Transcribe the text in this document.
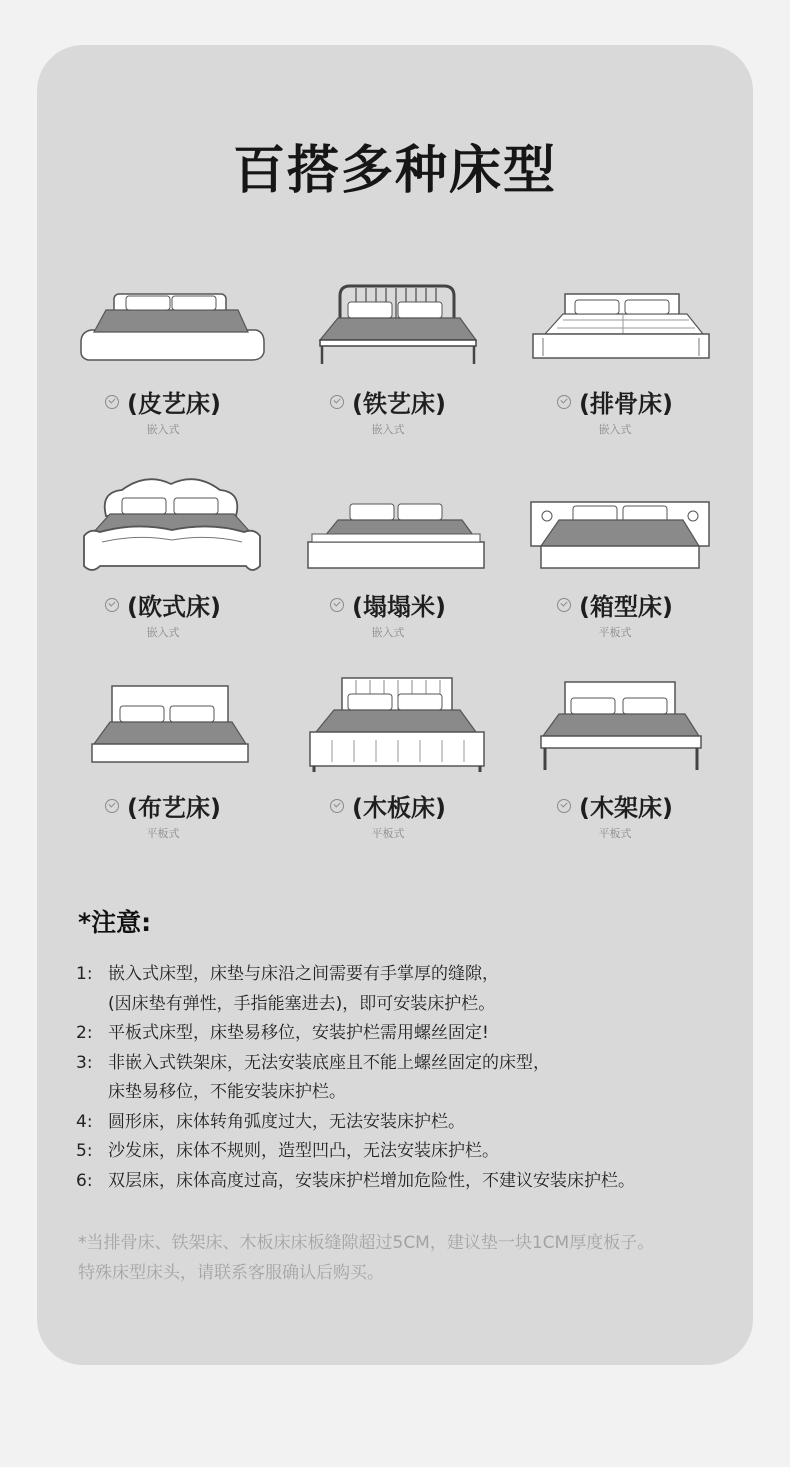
百搭多种床型
(皮艺床)
嵌入式
(铁艺床)
嵌入式
(排骨床)
嵌入式
(欧式床)
嵌入式
(塌塌米)
嵌入式
(箱型床)
平板式
(布艺床)
平板式
(木板床)
平板式
(木架床)
平板式
*注意:
1: 嵌入式床型，床垫与床沿之间需要有手掌厚的缝隙，
(因床垫有弹性，手指能塞进去)，即可安装床护栏。
2: 平板式床型，床垫易移位，安装护栏需用螺丝固定!
3: 非嵌入式铁架床，无法安装底座且不能上螺丝固定的床型，
床垫易移位，不能安装床护栏。
4: 圆形床，床体转角弧度过大，无法安装床护栏。
5: 沙发床，床体不规则，造型凹凸，无法安装床护栏。
6: 双层床，床体高度过高，安装床护栏增加危险性，不建议安装床护栏。
*当排骨床、铁架床、木板床床板缝隙超过5CM，建议垫一块1CM厚度板子。
特殊床型床头，请联系客服确认后购买。
